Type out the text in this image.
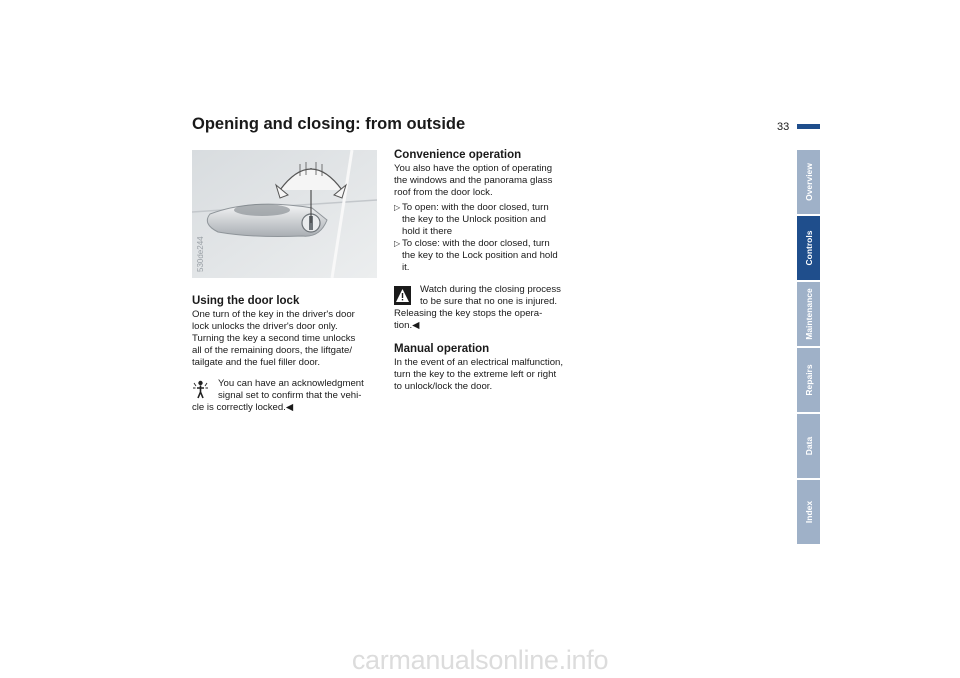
Opening and closing: from outside	33
530de244
Using the door lock
One turn of the key in the driver's door
lock unlocks the driver's door only.
Turning the key a second time unlocks
all of the remaining doors, the liftgate/
tailgate and the fuel filler door.
You can have an acknowledgment
signal set to confirm that the vehi-
cle is correctly locked.◀
Convenience operation
You also have the option of operating
the windows and the panorama glass
roof from the door lock.
▷ To open: with the door closed, turn
the key to the Unlock position and
hold it there
▷ To close: with the door closed, turn
the key to the Lock position and hold
it.
Watch during the closing process
to be sure that no one is injured.
Releasing the key stops the opera-
tion.◀
Manual operation
In the event of an electrical malfunction,
turn the key to the extreme left or right
to unlock/lock the door.
Overview
Controls
Maintenance
Repairs
Data
Index
carmanualsonline.info
